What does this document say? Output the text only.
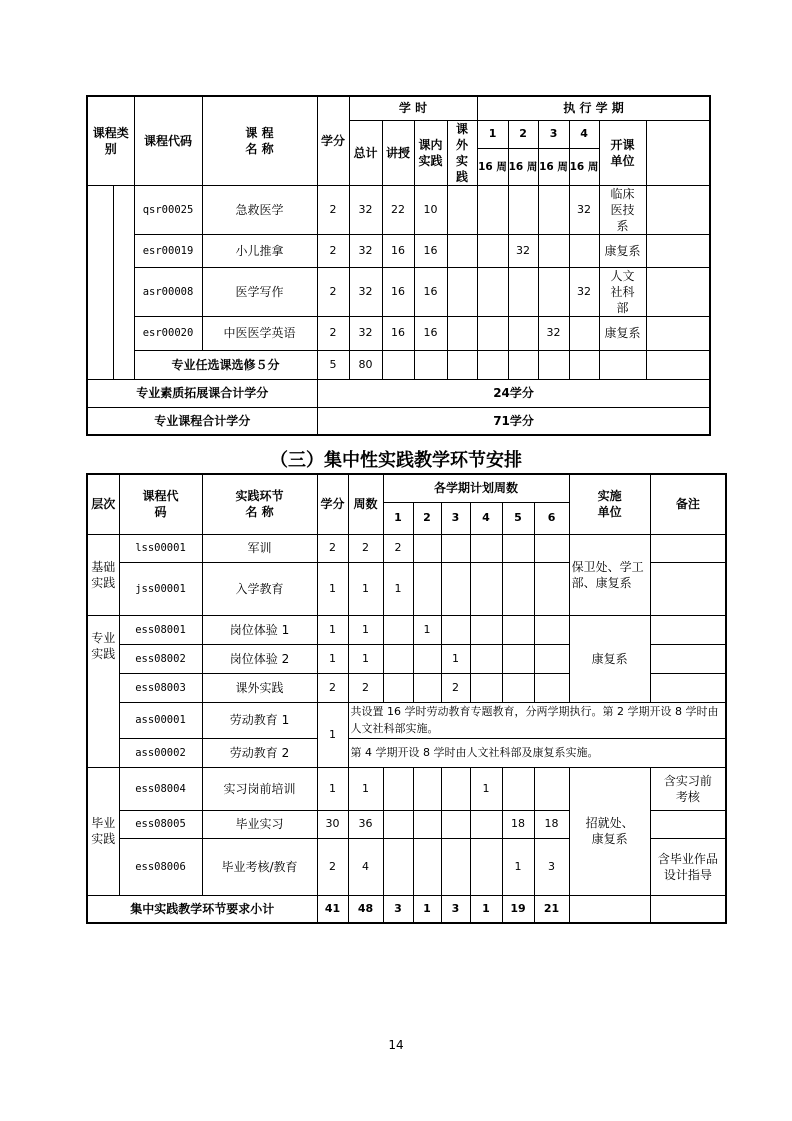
课程类别		课程代码	课 程 名 称	学分	学 时				执 行 学 期	
					总计	讲授	课内实践	课外实践	1	2	3	4	开课单位		
									16 周	16 周	16 周	16 周			
		qsr00025	急救医学	2	32	22	10					32	临床医技系		
		esr00019	小儿推拿	2	32	16	16			32			康复系		
		asr00008	医学写作	2	32	16	16					32	人文社科部		
		esr00020	中医医学英语	2	32	16	16				32		康复系		
		专业任选课选修５分		5	80										
专业素质拓展课合计学分				24学分											
专业课程合计学分				71学分											
（三）集中性实践教学环节安排
层次	课程代码	实践环节名 称	学分	周数	各学期计划周数						实施单位	备注
					1	2	3	4	5	6		
基础实践	lss00001	军训	2	2	2						保卫处、学工部、康复系	
	jss00001	入学教育	1	1	1							
专业实践	ess08001	岗位体验 1	1	1		1					康复系	
	ess08002	岗位体验 2	1	1			1					
	ess08003	课外实践	2	2			2					
	ass00001	劳动教育 1	1	共设置 16 学时劳动教育专题教育，分两学期执行。第 2 学期开设 8 学时由人文社科部实施。								
	ass00002	劳动教育 2		第 4 学期开设 8 学时由人文社科部及康复系实施。								
毕业实践	ess08004	实习岗前培训	1	1				1			招就处、康复系	含实习前考核
	ess08005	毕业实习	30	36					18	18		
	ess08006	毕业考核/教育	2	4					1	3		含毕业作品设计指导
集中实践教学环节要求小计			41	48	3	1	3	1	19	21		
14
